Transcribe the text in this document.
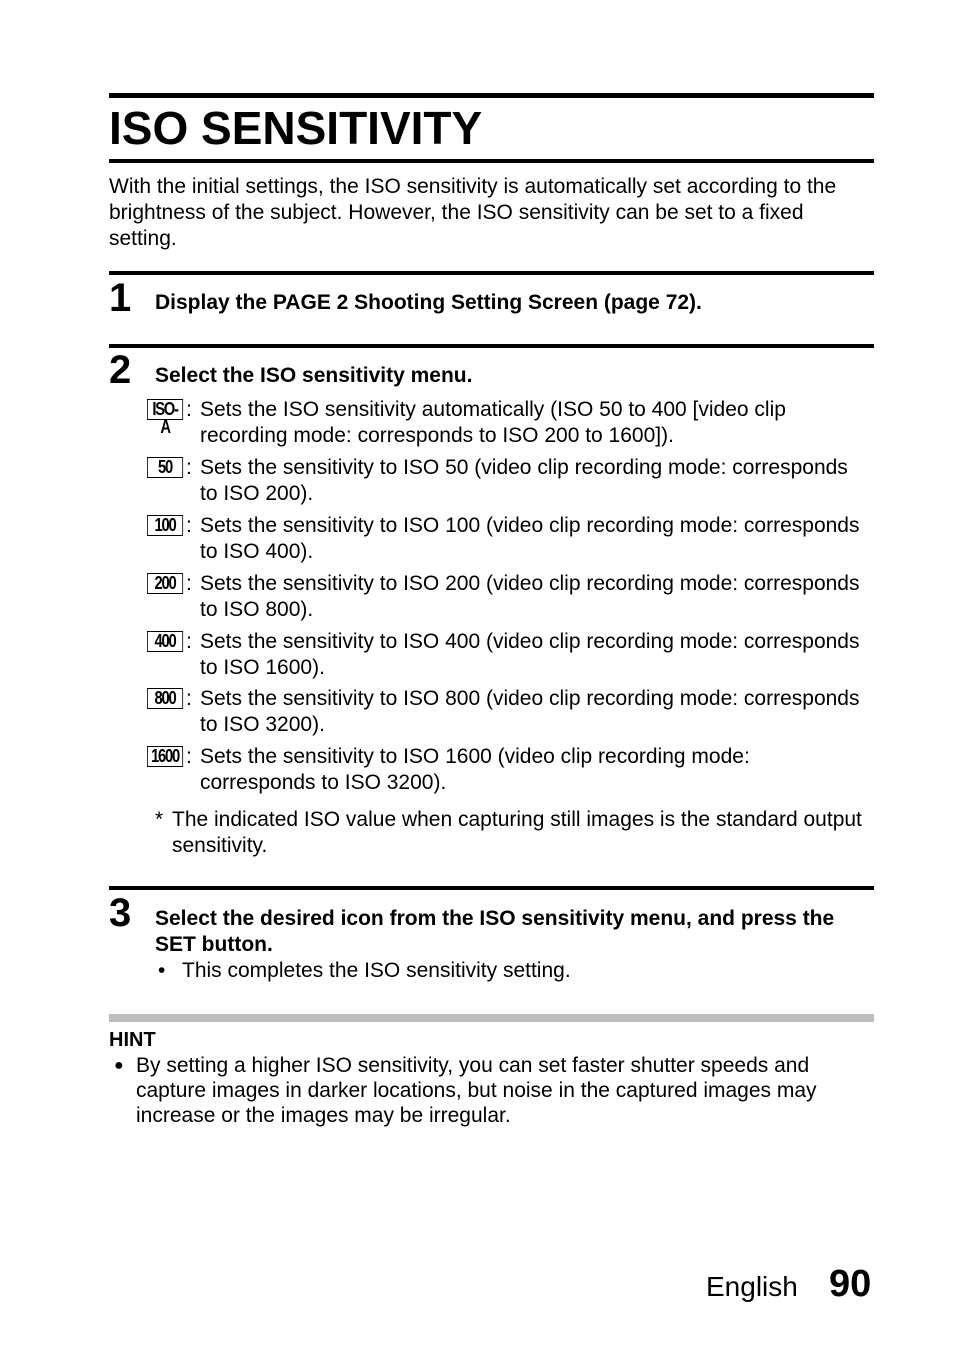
ISO SENSITIVITY
With the initial settings, the ISO sensitivity is automatically set according to the brightness of the subject. However, the ISO sensitivity can be set to a fixed setting.
1 Display the PAGE 2 Shooting Setting Screen (page 72).
2 Select the ISO sensitivity menu.
ISO-A
: Sets the ISO sensitivity automatically (ISO 50 to 400 [video clip recording mode: corresponds to ISO 200 to 1600]).
50 : Sets the sensitivity to ISO 50 (video clip recording mode: corresponds to ISO 200).
100 : Sets the sensitivity to ISO 100 (video clip recording mode: corresponds to ISO 400).
200 : Sets the sensitivity to ISO 200 (video clip recording mode: corresponds to ISO 800).
400 : Sets the sensitivity to ISO 400 (video clip recording mode: corresponds to ISO 1600).
800 : Sets the sensitivity to ISO 800 (video clip recording mode: corresponds to ISO 3200).
1600 : Sets the sensitivity to ISO 1600 (video clip recording mode: corresponds to ISO 3200).
* The indicated ISO value when capturing still images is the standard output sensitivity.
3 Select the desired icon from the ISO sensitivity menu, and press the SET button.
• This completes the ISO sensitivity setting.
HINT
● By setting a higher ISO sensitivity, you can set faster shutter speeds and capture images in darker locations, but noise in the captured images may increase or the images may be irregular.
English 90
